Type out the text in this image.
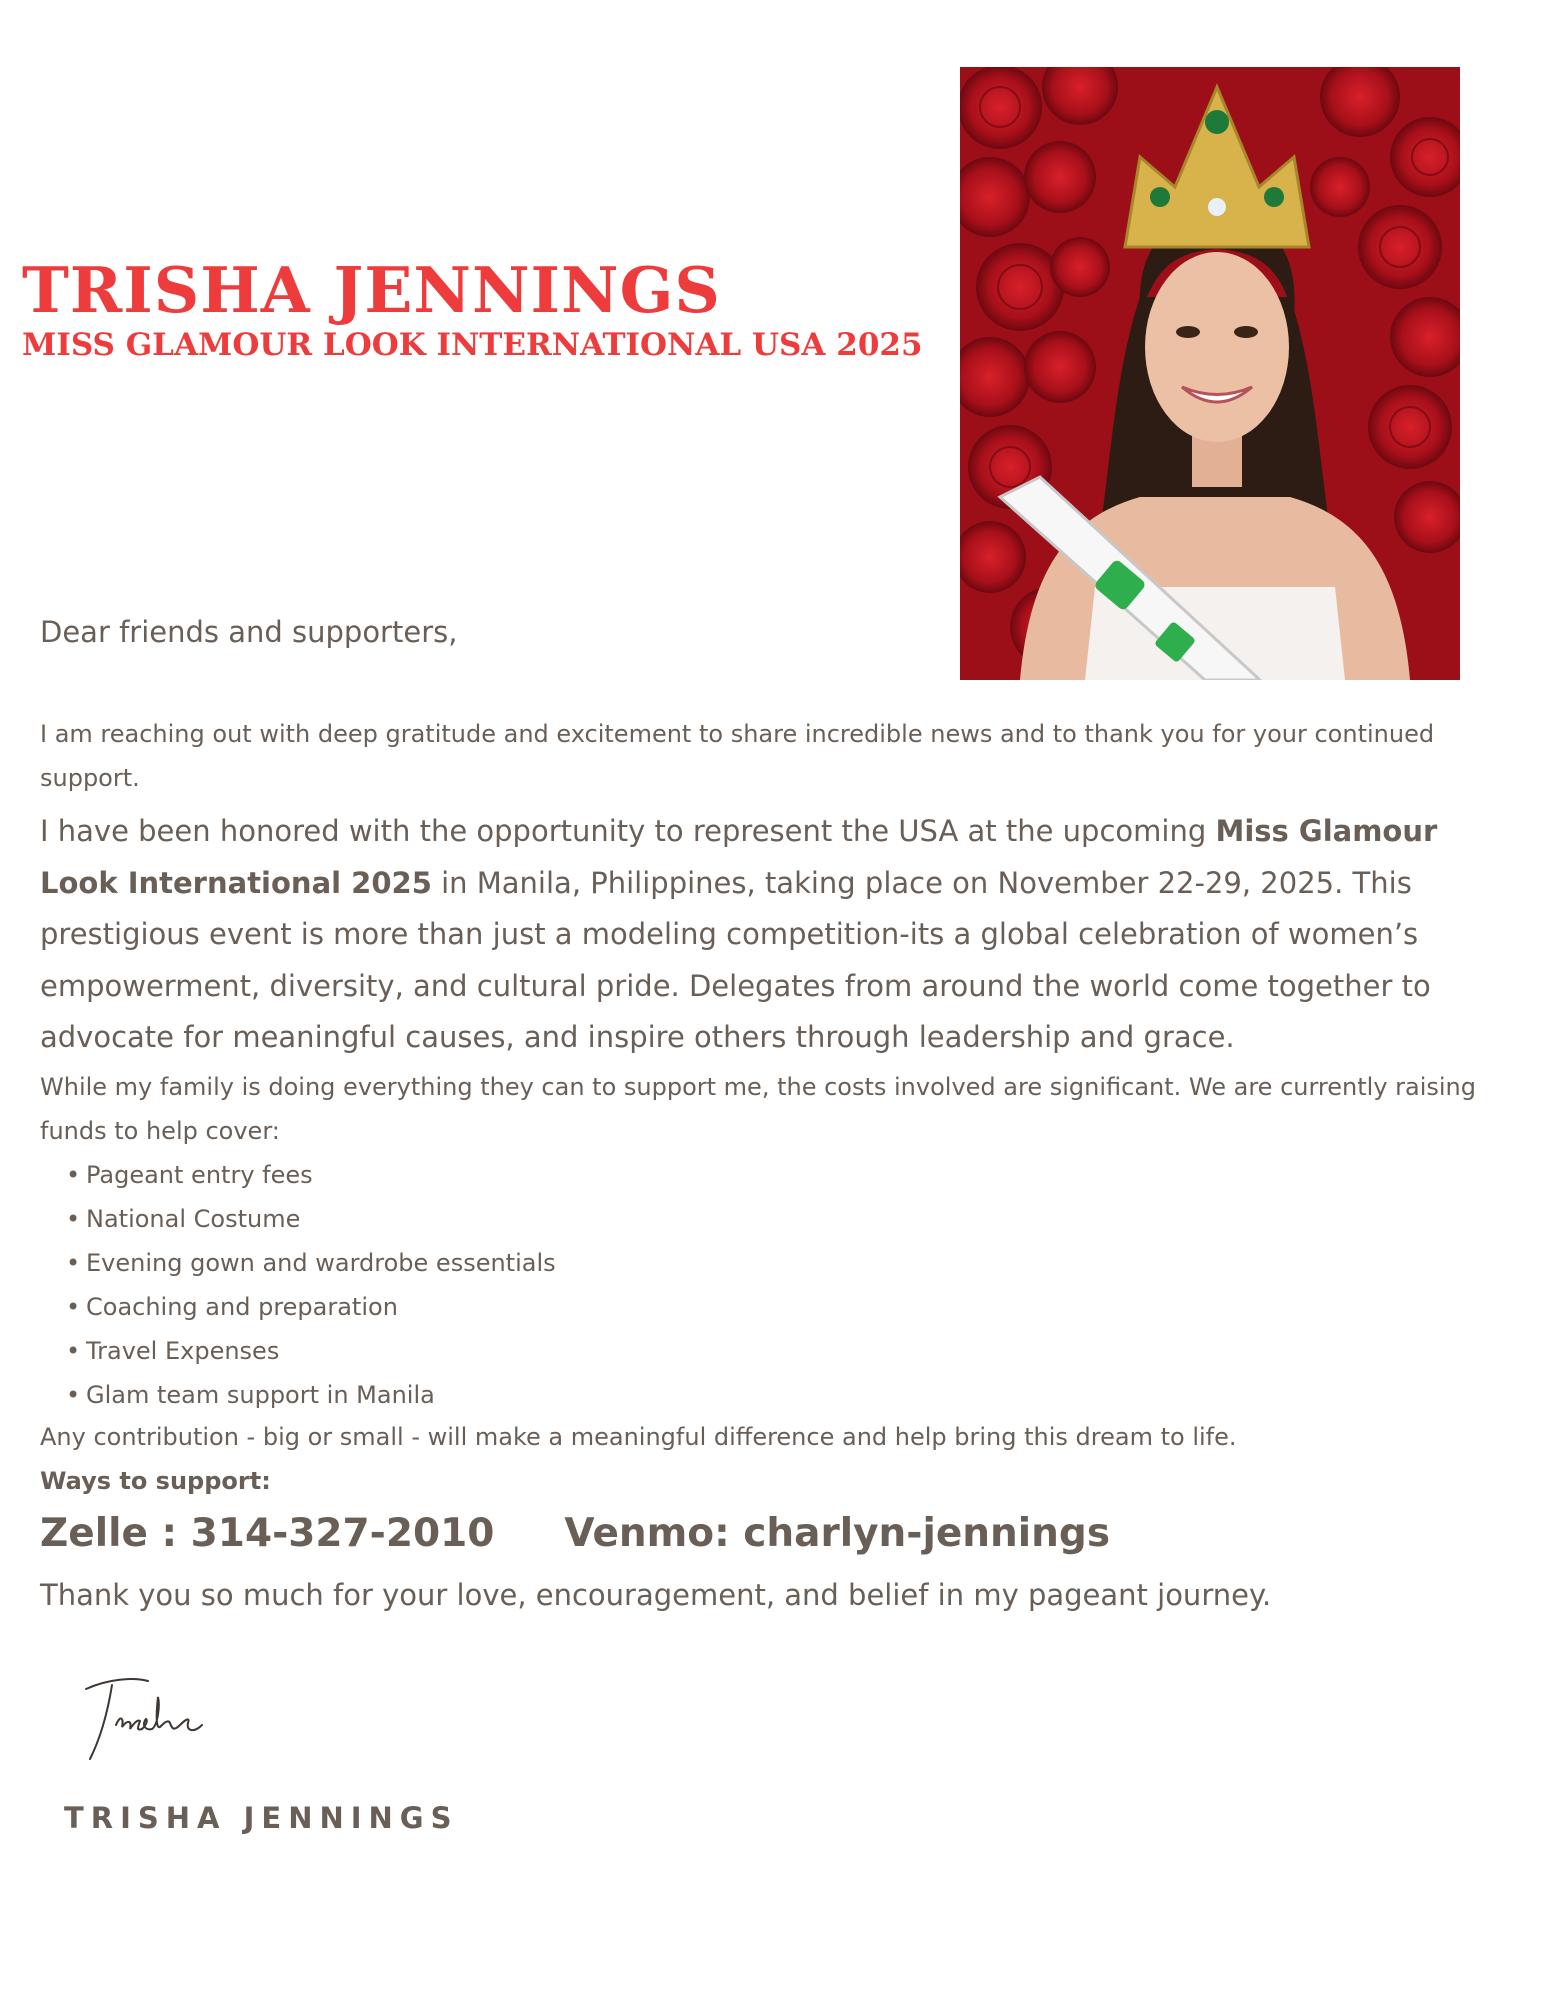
TRISHA JENNINGS
MISS GLAMOUR LOOK INTERNATIONAL USA 2025

Dear friends and supporters,

I am reaching out with deep gratitude and excitement to share incredible news and to thank you for your continued support.

I have been honored with the opportunity to represent the USA at the upcoming Miss Glamour Look International 2025 in Manila, Philippines, taking place on November 22-29, 2025. This prestigious event is more than just a modeling competition-its a global celebration of women’s empowerment, diversity, and cultural pride. Delegates from around the world come together to advocate for meaningful causes, and inspire others through leadership and grace.

While my family is doing everything they can to support me, the costs involved are significant. We are currently raising funds to help cover:

• Pageant entry fees
• National Costume
• Evening gown and wardrobe essentials
• Coaching and preparation
• Travel Expenses
• Glam team support in Manila

Any contribution - big or small - will make a meaningful difference and help bring this dream to life.

Ways to support:

Zelle : 314-327-2010 Venmo: charlyn-jennings

Thank you so much for your love, encouragement, and belief in my pageant journey.

TRISHA JENNINGS
